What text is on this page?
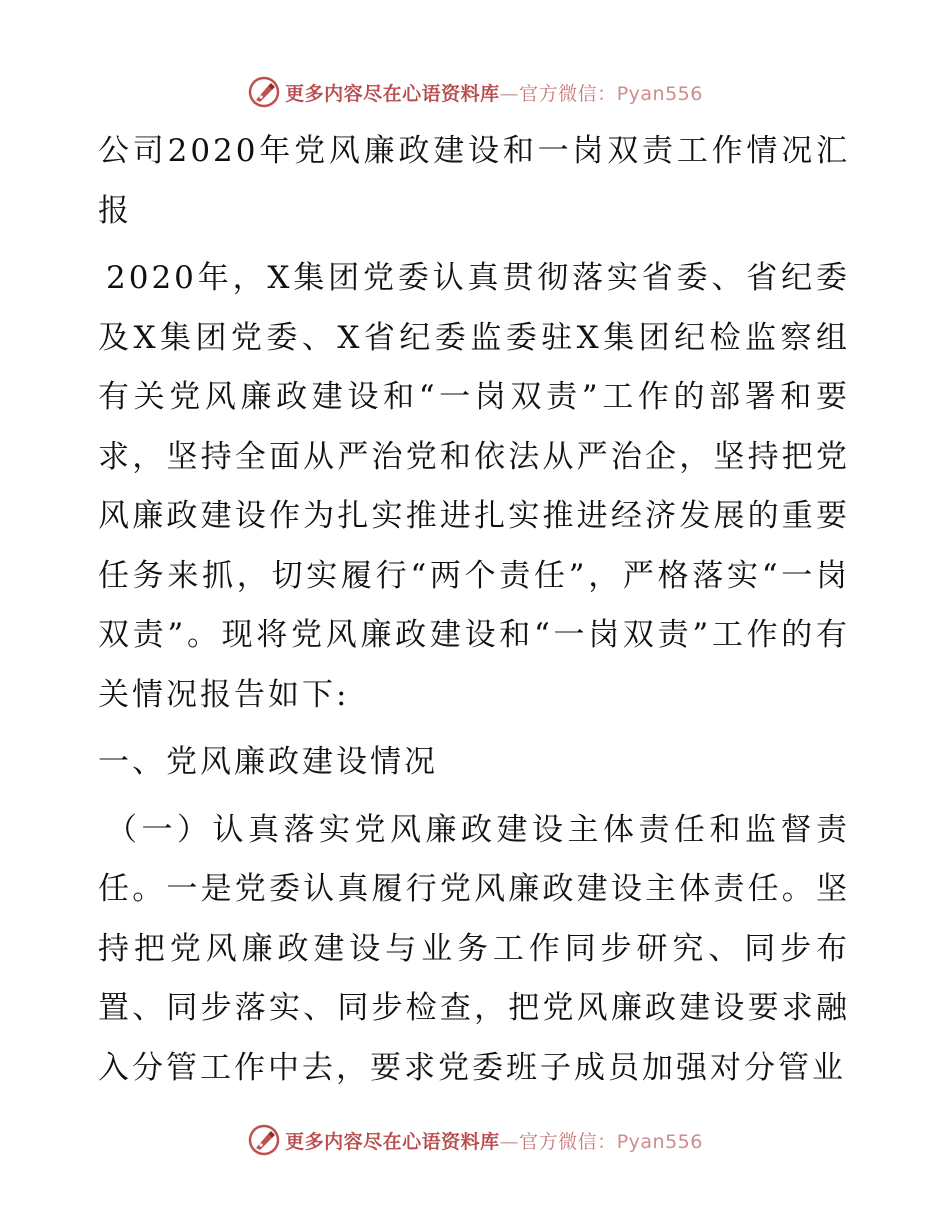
更多内容尽在心语资料库—官方微信：Pyan556

公司2020年党风廉政建设和一岗双责工作情况汇报

2020年，X集团党委认真贯彻落实省委、省纪委及X集团党委、X省纪委监委驻X集团纪检监察组有关党风廉政建设和“一岗双责”工作的部署和要求，坚持全面从严治党和依法从严治企，坚持把党风廉政建设作为扎实推进扎实推进经济发展的重要任务来抓，切实履行“两个责任”，严格落实“一岗双责”。现将党风廉政建设和“一岗双责”工作的有关情况报告如下:

一、党风廉政建设情况

（一）认真落实党风廉政建设主体责任和监督责任。一是党委认真履行党风廉政建设主体责任。坚持把党风廉政建设与业务工作同步研究、同步布置、同步落实、同步检查，把党风廉政建设要求融入分管工作中去，要求党委班子成员加强对分管业

更多内容尽在心语资料库—官方微信：Pyan556
